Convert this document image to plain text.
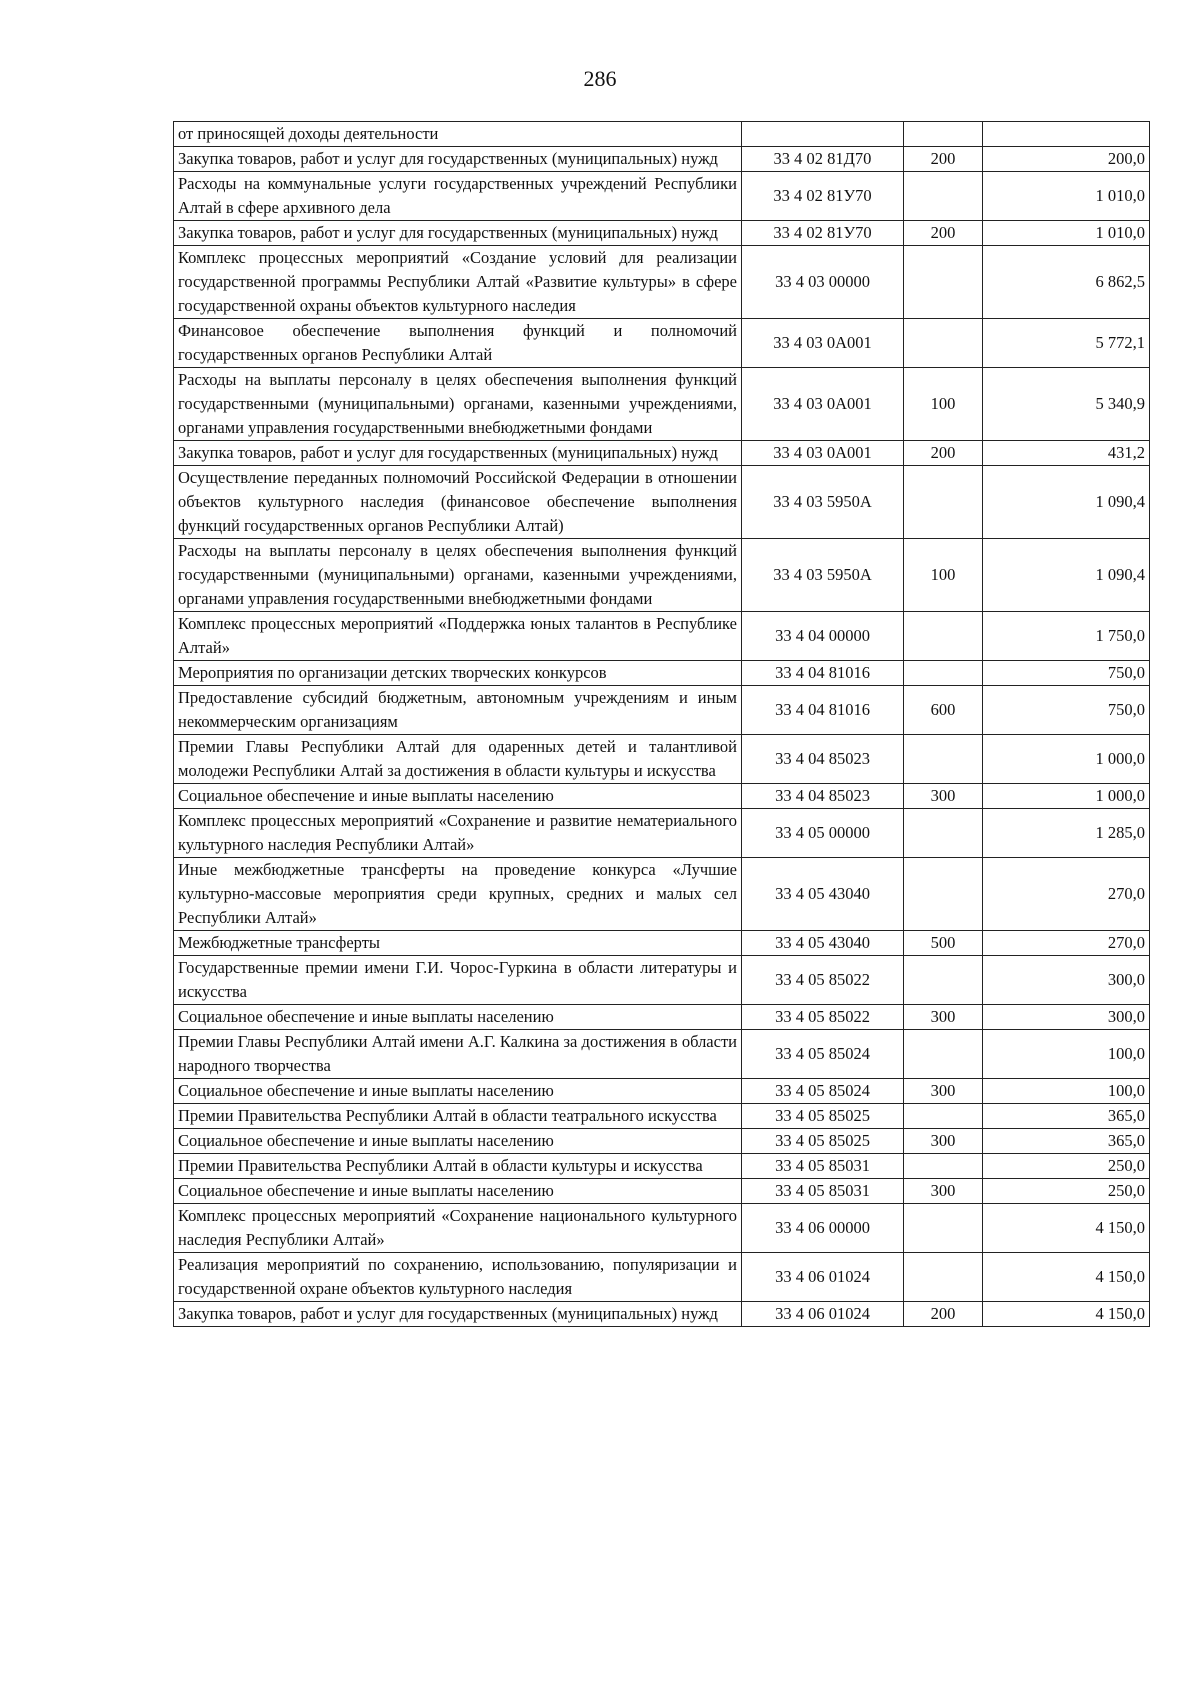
286
от приносящей доходы деятельности			
Закупка товаров, работ и услуг для государственных (муниципальных) нужд	33 4 02 81Д70	200	200,0
Расходы на коммунальные услуги государственных учреждений Республики Алтай в сфере архивного дела	33 4 02 81У70		1 010,0
Закупка товаров, работ и услуг для государственных (муниципальных) нужд	33 4 02 81У70	200	1 010,0
Комплекс процессных мероприятий «Создание условий для реализации государственной программы Республики Алтай «Развитие культуры» в сфере государственной охраны объектов культурного наследия	33 4 03 00000		6 862,5
Финансовое обеспечение выполнения функций и полномочий государственных органов Республики Алтай	33 4 03 0А001		5 772,1
Расходы на выплаты персоналу в целях обеспечения выполнения функций государственными (муниципальными) органами, казенными учреждениями, органами управления государственными внебюджетными фондами	33 4 03 0А001	100	5 340,9
Закупка товаров, работ и услуг для государственных (муниципальных) нужд	33 4 03 0А001	200	431,2
Осуществление переданных полномочий Российской Федерации в отношении объектов культурного наследия (финансовое обеспечение выполнения функций государственных органов Республики Алтай)	33 4 03 5950А		1 090,4
Расходы на выплаты персоналу в целях обеспечения выполнения функций государственными (муниципальными) органами, казенными учреждениями, органами управления государственными внебюджетными фондами	33 4 03 5950А	100	1 090,4
Комплекс процессных мероприятий «Поддержка юных талантов в Республике Алтай»	33 4 04 00000		1 750,0
Мероприятия по организации детских творческих конкурсов	33 4 04 81016		750,0
Предоставление субсидий бюджетным, автономным учреждениям и иным некоммерческим организациям	33 4 04 81016	600	750,0
Премии Главы Республики Алтай для одаренных детей и талантливой молодежи Республики Алтай за достижения в области культуры и искусства	33 4 04 85023		1 000,0
Социальное обеспечение и иные выплаты населению	33 4 04 85023	300	1 000,0
Комплекс процессных мероприятий «Сохранение и развитие нематериального культурного наследия Республики Алтай»	33 4 05 00000		1 285,0
Иные межбюджетные трансферты на проведение конкурса «Лучшие культурно-массовые мероприятия среди крупных, средних и малых сел Республики Алтай»	33 4 05 43040		270,0
Межбюджетные трансферты	33 4 05 43040	500	270,0
Государственные премии имени Г.И. Чорос-Гуркина в области литературы и искусства	33 4 05 85022		300,0
Социальное обеспечение и иные выплаты населению	33 4 05 85022	300	300,0
Премии Главы Республики Алтай имени А.Г. Калкина за достижения в области народного творчества	33 4 05 85024		100,0
Социальное обеспечение и иные выплаты населению	33 4 05 85024	300	100,0
Премии Правительства Республики Алтай в области театрального искусства	33 4 05 85025		365,0
Социальное обеспечение и иные выплаты населению	33 4 05 85025	300	365,0
Премии Правительства Республики Алтай в области культуры и искусства	33 4 05 85031		250,0
Социальное обеспечение и иные выплаты населению	33 4 05 85031	300	250,0
Комплекс процессных мероприятий «Сохранение национального культурного наследия Республики Алтай»	33 4 06 00000		4 150,0
Реализация мероприятий по сохранению, использованию, популяризации и государственной охране объектов культурного наследия	33 4 06 01024		4 150,0
Закупка товаров, работ и услуг для государственных (муниципальных) нужд	33 4 06 01024	200	4 150,0
